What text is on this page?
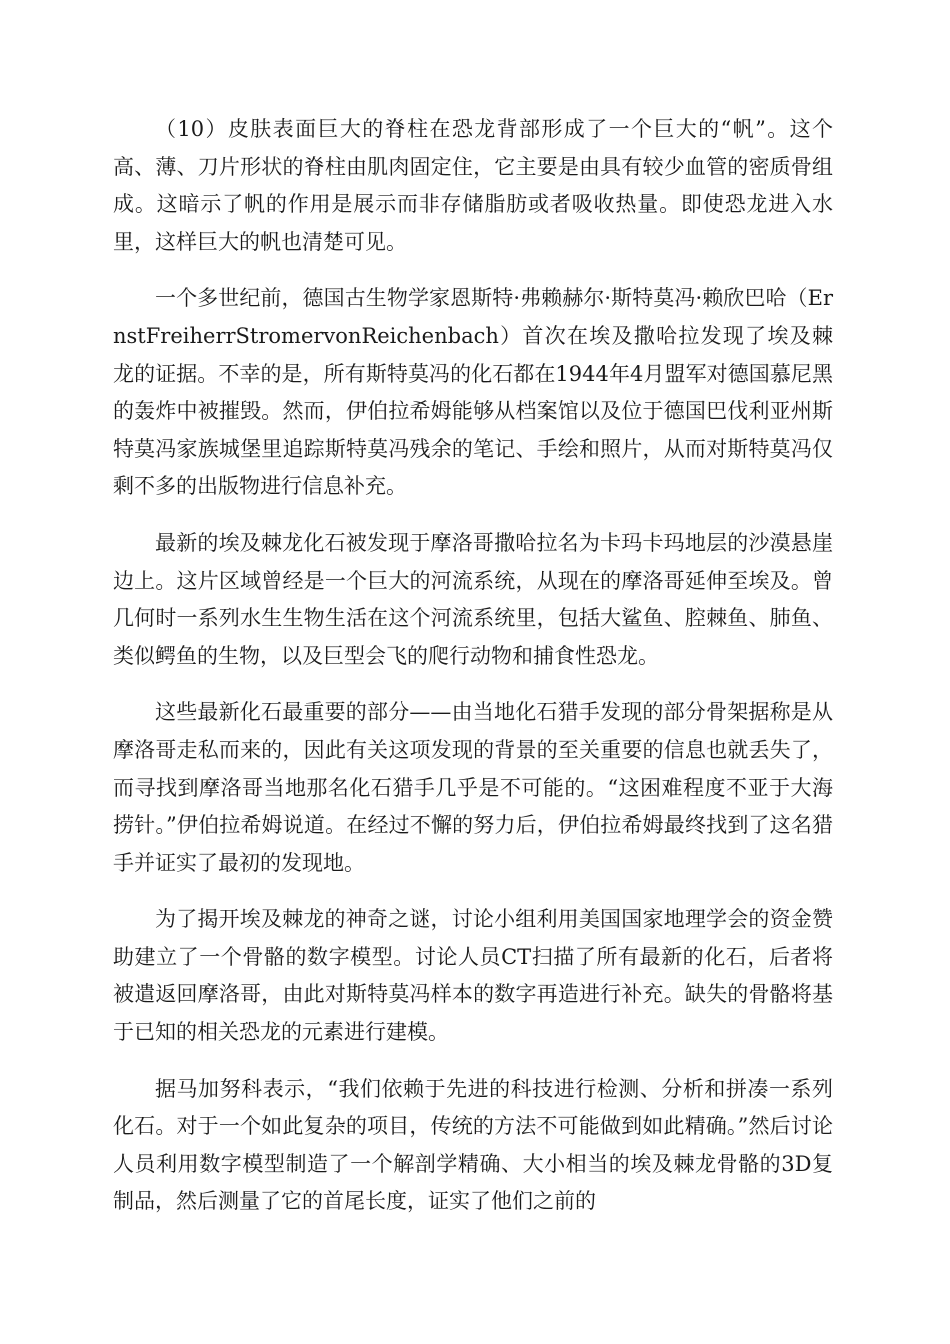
（10）皮肤表面巨大的脊柱在恐龙背部形成了一个巨大的“帆”。这个高、薄、刀片形状的脊柱由肌肉固定住，它主要是由具有较少血管的密质骨组成。这暗示了帆的作用是展示而非存储脂肪或者吸收热量。即使恐龙进入水里，这样巨大的帆也清楚可见。

一个多世纪前，德国古生物学家恩斯特·弗赖赫尔·斯特莫冯·赖欣巴哈（ErnstFreiherrStromervonReichenbach）首次在埃及撒哈拉发现了埃及棘龙的证据。不幸的是，所有斯特莫冯的化石都在1944年4月盟军对德国慕尼黑的轰炸中被摧毁。然而，伊伯拉希姆能够从档案馆以及位于德国巴伐利亚州斯特莫冯家族城堡里追踪斯特莫冯残余的笔记、手绘和照片，从而对斯特莫冯仅剩不多的出版物进行信息补充。

最新的埃及棘龙化石被发现于摩洛哥撒哈拉名为卡玛卡玛地层的沙漠悬崖边上。这片区域曾经是一个巨大的河流系统，从现在的摩洛哥延伸至埃及。曾几何时一系列水生生物生活在这个河流系统里，包括大鲨鱼、腔棘鱼、肺鱼、类似鳄鱼的生物，以及巨型会飞的爬行动物和捕食性恐龙。

这些最新化石最重要的部分——由当地化石猎手发现的部分骨架据称是从摩洛哥走私而来的，因此有关这项发现的背景的至关重要的信息也就丢失了，而寻找到摩洛哥当地那名化石猎手几乎是不可能的。“这困难程度不亚于大海捞针。”伊伯拉希姆说道。在经过不懈的努力后，伊伯拉希姆最终找到了这名猎手并证实了最初的发现地。

为了揭开埃及棘龙的神奇之谜，讨论小组利用美国国家地理学会的资金赞助建立了一个骨骼的数字模型。讨论人员CT扫描了所有最新的化石，后者将被遣返回摩洛哥，由此对斯特莫冯样本的数字再造进行补充。缺失的骨骼将基于已知的相关恐龙的元素进行建模。

据马加努科表示，“我们依赖于先进的科技进行检测、分析和拼凑一系列化石。对于一个如此复杂的项目，传统的方法不可能做到如此精确。”然后讨论人员利用数字模型制造了一个解剖学精确、大小相当的埃及棘龙骨骼的3D复制品，然后测量了它的首尾长度，证实了他们之前的
